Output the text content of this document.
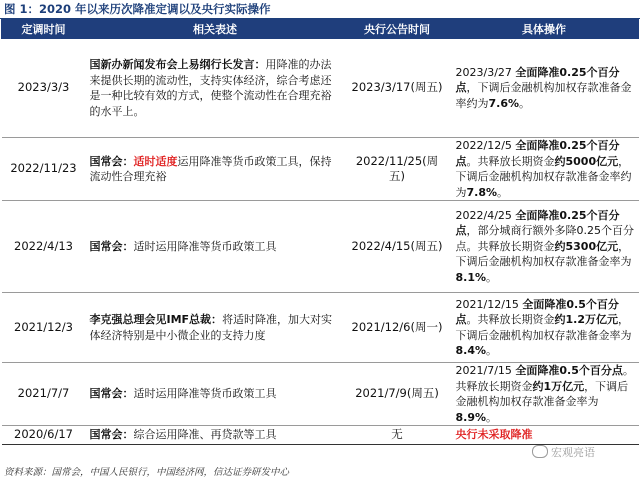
图 1：2020 年以来历次降准定调以及央行实际操作
定调时间	相关表述	央行公告时间	具体操作
2023/3/3	国新办新闻发布会上易纲行长发言：用降准的办法来提供长期的流动性，支持实体经济，综合考虑还是一种比较有效的方式，使整个流动性在合理充裕的水平上。	2023/3/17(周五)	2023/3/27 全面降准0.25个百分点，下调后金融机构加权存款准备金率约为7.6%。
2022/11/23	国常会：适时适度运用降准等货币政策工具，保持流动性合理充裕	2022/11/25(周五)	2022/12/5 全面降准0.25个百分点。共释放长期资金约5000亿元，下调后金融机构加权存款准备金率约为7.8%。
2022/4/13	国常会：适时运用降准等货币政策工具	2022/4/15(周五)	2022/4/25 全面降准0.25个百分点，部分城商行额外多降0.25个百分点。共释放长期资金约5300亿元，下调后金融机构加权存款准备金率为8.1%。
2021/12/3	李克强总理会见IMF总裁：将适时降准，加大对实体经济特别是中小微企业的支持力度	2021/12/6(周一)	2021/12/15 全面降准0.5个百分点。共释放长期资金约1.2万亿元，下调后金融机构加权存款准备金率为8.4%。
2021/7/7	国常会：适时运用降准等货币政策工具	2021/7/9(周五)	2021/7/15 全面降准0.5个百分点。共释放长期资金约1万亿元，下调后金融机构加权存款准备金率为8.9%。
2020/6/17	国常会：综合运用降准、再贷款等工具	无	央行未采取降准
资料来源：国常会，中国人民银行，中国经济网，信达证券研发中心
宏观亮语
